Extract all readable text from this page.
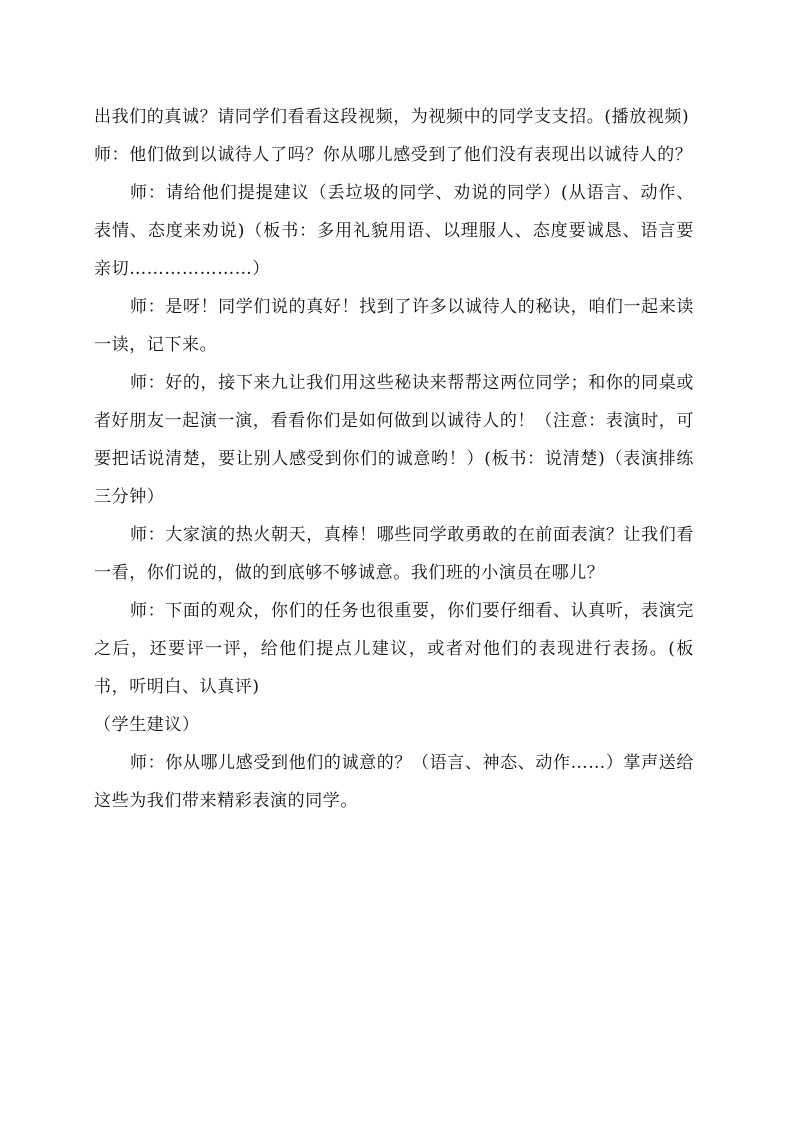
出我们的真诚？请同学们看看这段视频，为视频中的同学支支招。(播放视频)

师：他们做到以诚待人了吗？你从哪儿感受到了他们没有表现出以诚待人的？

师：请给他们提提建议（丢垃圾的同学、劝说的同学）(从语言、动作、表情、态度来劝说)（板书：多用礼貌用语、以理服人、态度要诚恳、语言要亲切…………………）

师：是呀！同学们说的真好！找到了许多以诚待人的秘诀，咱们一起来读一读，记下来。

师：好的，接下来九让我们用这些秘诀来帮帮这两位同学；和你的同桌或者好朋友一起演一演，看看你们是如何做到以诚待人的！（注意：表演时，可要把话说清楚，要让别人感受到你们的诚意哟！）(板书：说清楚)（表演排练三分钟）

师：大家演的热火朝天，真棒！哪些同学敢勇敢的在前面表演？让我们看一看，你们说的，做的到底够不够诚意。我们班的小演员在哪儿？

师：下面的观众，你们的任务也很重要，你们要仔细看、认真听，表演完之后，还要评一评，给他们提点儿建议，或者对他们的表现进行表扬。(板书，听明白、认真评)

（学生建议）

师：你从哪儿感受到他们的诚意的？（语言、神态、动作……）掌声送给这些为我们带来精彩表演的同学。
